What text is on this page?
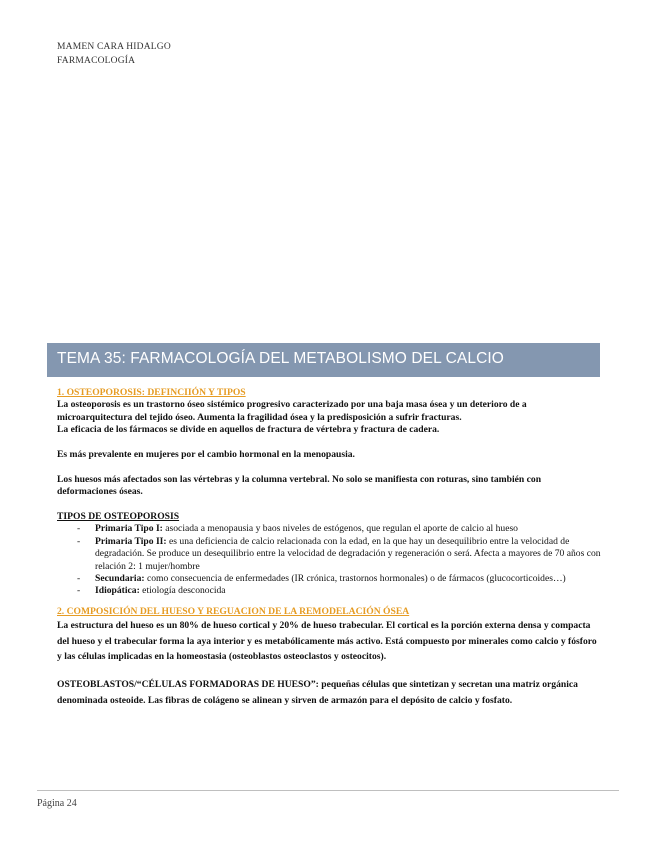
MAMEN CARA HIDALGO
FARMACOLOGÍA
TEMA 35: FARMACOLOGÍA DEL METABOLISMO DEL CALCIO

1. OSTEOPOROSIS: DEFINCIIÓN Y TIPOS

La osteoporosis es un trastorno óseo sistémico progresivo caracterizado por una baja masa ósea y un deterioro de a microarquitectura del tejido óseo. Aumenta la fragilidad ósea y la predisposición a sufrir fracturas.

La eficacia de los fármacos se divide en aquellos de fractura de vértebra y fractura de cadera.

Es más prevalente en mujeres por el cambio hormonal en la menopausia.

Los huesos más afectados son las vértebras y la columna vertebral. No solo se manifiesta con roturas, sino también con deformaciones óseas.

TIPOS DE OSTEOPOROSIS

- Primaria Tipo I: asociada a menopausia y baos niveles de estógenos, que regulan el aporte de calcio al hueso
- Primaria Tipo II: es una deficiencia de calcio relacionada con la edad, en la que hay un desequilibrio entre la velocidad de degradación. Se produce un desequilibrio entre la velocidad de degradación y regeneración o será. Afecta a mayores de 70 años con relación 2: 1 mujer/hombre
- Secundaria: como consecuencia de enfermedades (IR crónica, trastornos hormonales) o de fármacos (glucocorticoides…)
- Idiopática: etiología desconocida

2. COMPOSICIÓN DEL HUESO Y REGUACION DE LA REMODELACIÓN ÓSEA

La estructura del hueso es un 80% de hueso cortical y 20% de hueso trabecular. El cortical es la porción externa densa y compacta del hueso y el trabecular forma la aya interior y es metabólicamente más activo. Está compuesto por minerales como calcio y fósforo y las células implicadas en la homeostasia (osteoblastos osteoclastos y osteocitos).

OSTEOBLASTOS/“CÉLULAS FORMADORAS DE HUESO”: pequeñas células que sintetizan y secretan una matriz orgánica denominada osteoide. Las fibras de colágeno se alinean y sirven de armazón para el depósito de calcio y fosfato.

Página 24
